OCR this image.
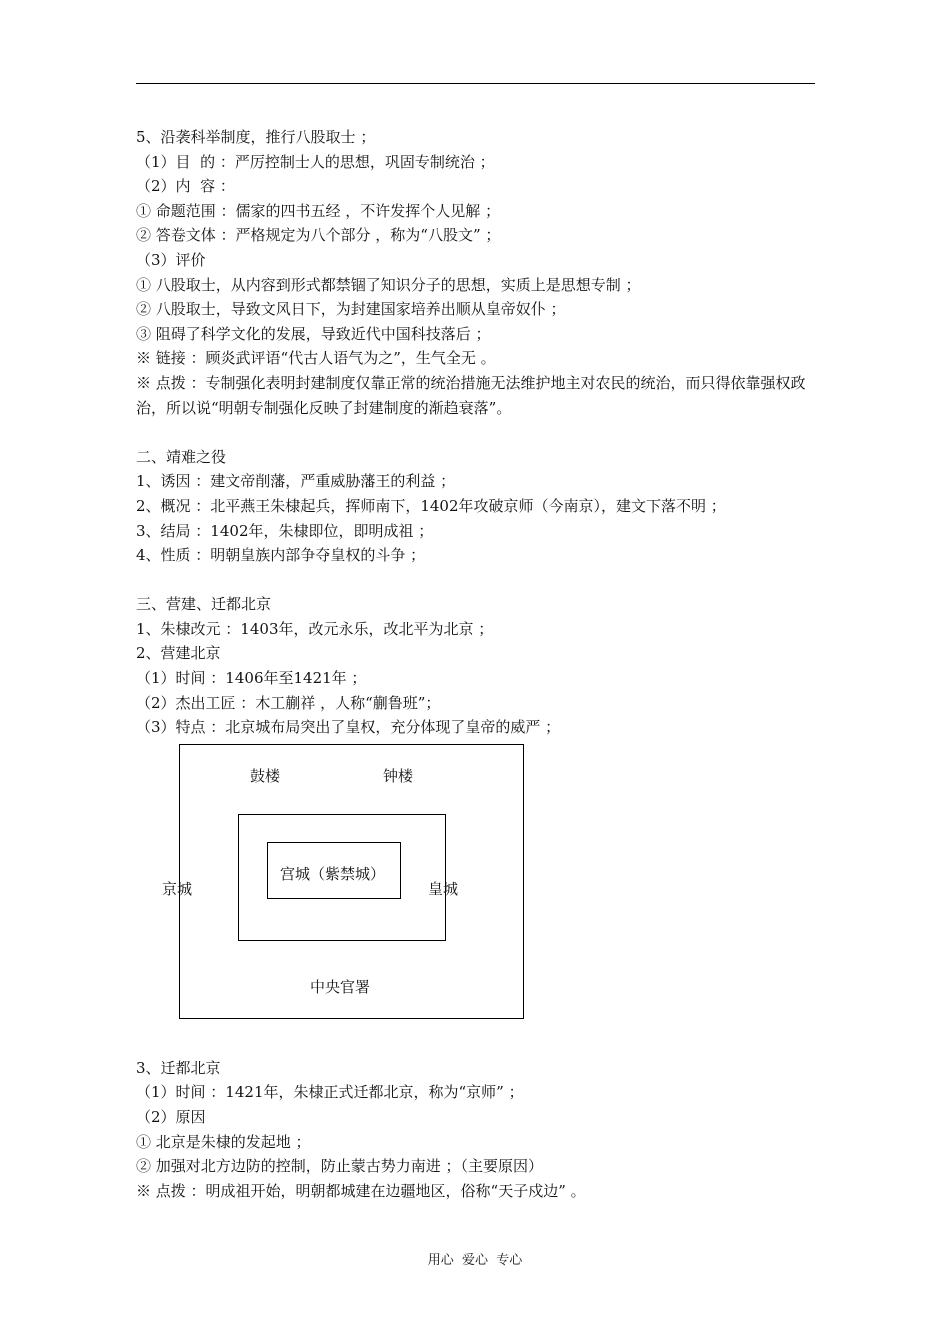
5、沿袭科举制度，推行八股取士 ；
（1）目  的 ：严厉控制士人的思想，巩固专制统治 ；
（2）内  容 ：
① 命题范围 ：儒家的四书五经 ，不许发挥个人见解 ；
② 答卷文体 ：严格规定为八个部分 ，称为“八股文” ；
（3）评价
① 八股取士，从内容到形式都禁锢了知识分子的思想，实质上是思想专制 ；
② 八股取士，导致文风日下，为封建国家培养出顺从皇帝奴仆 ；
③ 阻碍了科学文化的发展，导致近代中国科技落后 ；
※ 链接 ：顾炎武评语“代古人语气为之”，生气全无 。
※ 点拨 ：专制强化表明封建制度仅靠正常的统治措施无法维护地主对农民的统治，而只得依靠强权政治，所以说“明朝专制强化反映了封建制度的渐趋衰落”。
二、靖难之役
1、诱因 ：建文帝削藩，严重威胁藩王的利益 ；
2、概况 ：北平燕王朱棣起兵，挥师南下，1402年攻破京师（今南京），建文下落不明 ；
3、结局 ：1402年，朱棣即位，即明成祖 ；
4、性质 ：明朝皇族内部争夺皇权的斗争 ；
三、营建、迁都北京
1、朱棣改元 ：1403年，改元永乐，改北平为北京 ；
2、营建北京
（1）时间 ：1406年至1421年 ；
（2）杰出工匠 ：木工蒯祥 ，人称“蒯鲁班”；
（3）特点 ：北京城布局突出了皇权，充分体现了皇帝的威严 ；
鼓楼	钟楼
宫城（紫禁城）
京城	皇城
中央官署
3、迁都北京
（1）时间 ：1421年，朱棣正式迁都北京，称为“京师” ；
（2）原因
① 北京是朱棣的发起地 ；
② 加强对北方边防的控制，防止蒙古势力南进 ；（主要原因）
※ 点拨 ：明成祖开始，明朝都城建在边疆地区，俗称“天子戍边” 。
用心  爱心  专心
